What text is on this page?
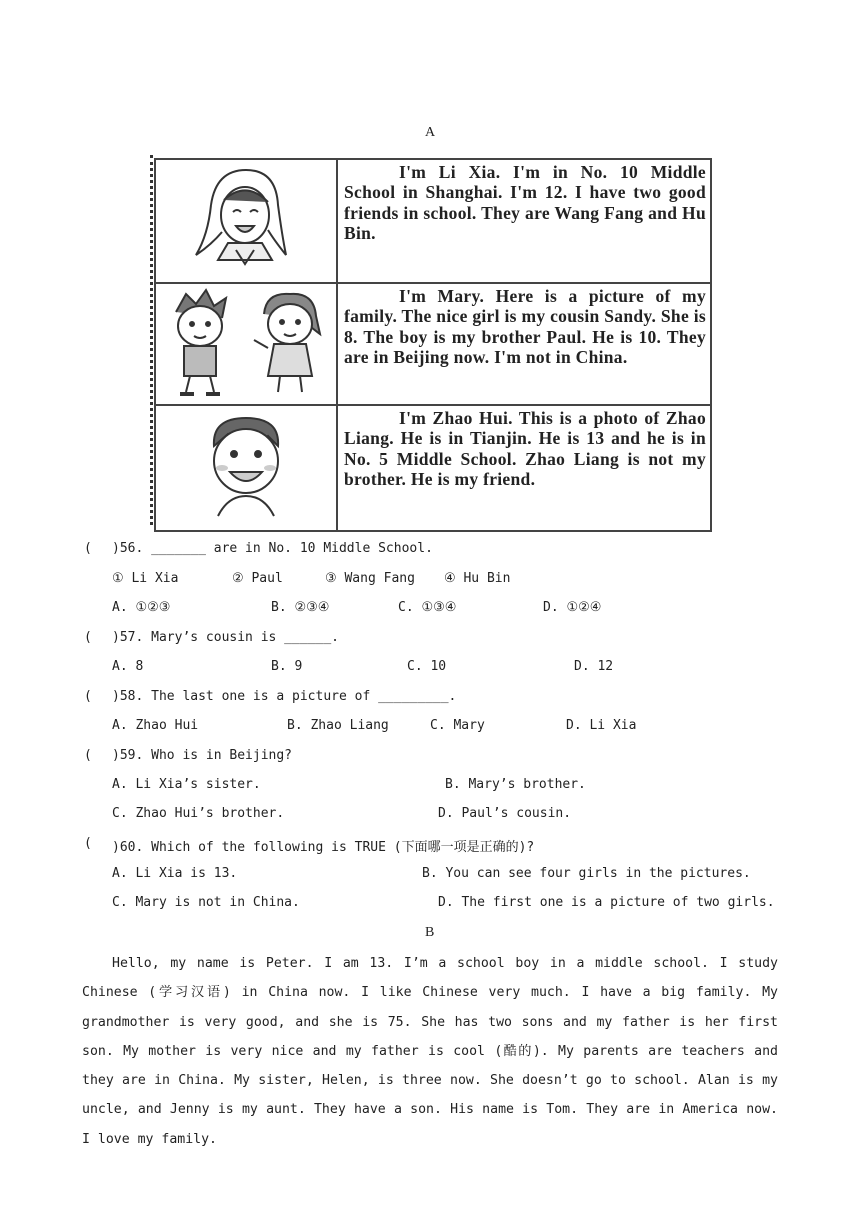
A

I'm Li Xia. I'm in No. 10 Middle School in Shanghai. I'm 12. I have two good friends in school. They are Wang Fang and Hu Bin.

I'm Mary. Here is a picture of my family. The nice girl is my cousin Sandy. She is 8. The boy is my brother Paul. He is 10. They are in Beijing now. I'm not in China.

I'm Zhao Hui. This is a photo of Zhao Liang. He is in Tianjin. He is 13 and he is in No. 5 Middle School. Zhao Liang is not my brother. He is my friend.
( )56. _______ are in No. 10 Middle School.
① Li Xia	② Paul	③ Wang Fang ④ Hu Bin
A. ①②③	B. ②③④	C. ①③④	D. ①②④
( )57. Mary’s cousin is ______.
A. 8	B. 9	C. 10	D. 12
( )58. The last one is a picture of _________.
A. Zhao Hui	B. Zhao Liang	C. Mary	D. Li Xia
( )59. Who is in Beijing?
A. Li Xia’s sister.	B. Mary’s brother.
C. Zhao Hui’s brother.	D. Paul’s cousin.
( )60. Which of the following is TRUE (下面哪一项是正确的)?
A. Li Xia is 13.	B. You can see four girls in the pictures.
C. Mary is not in China.	D. The first one is a picture of two girls.
B
Hello, my name is Peter. I am 13. I’m a school boy in a middle school. I study Chinese (学习汉语) in China now. I like Chinese very much. I have a big family. My grandmother is very good, and she is 75. She has two sons and my father is her first son. My mother is very nice and my father is cool (酷的). My parents are teachers and they are in China. My sister, Helen, is three now. She doesn’t go to school. Alan is my uncle, and Jenny is my aunt. They have a son. His name is Tom. They are in America now. I love my family.
